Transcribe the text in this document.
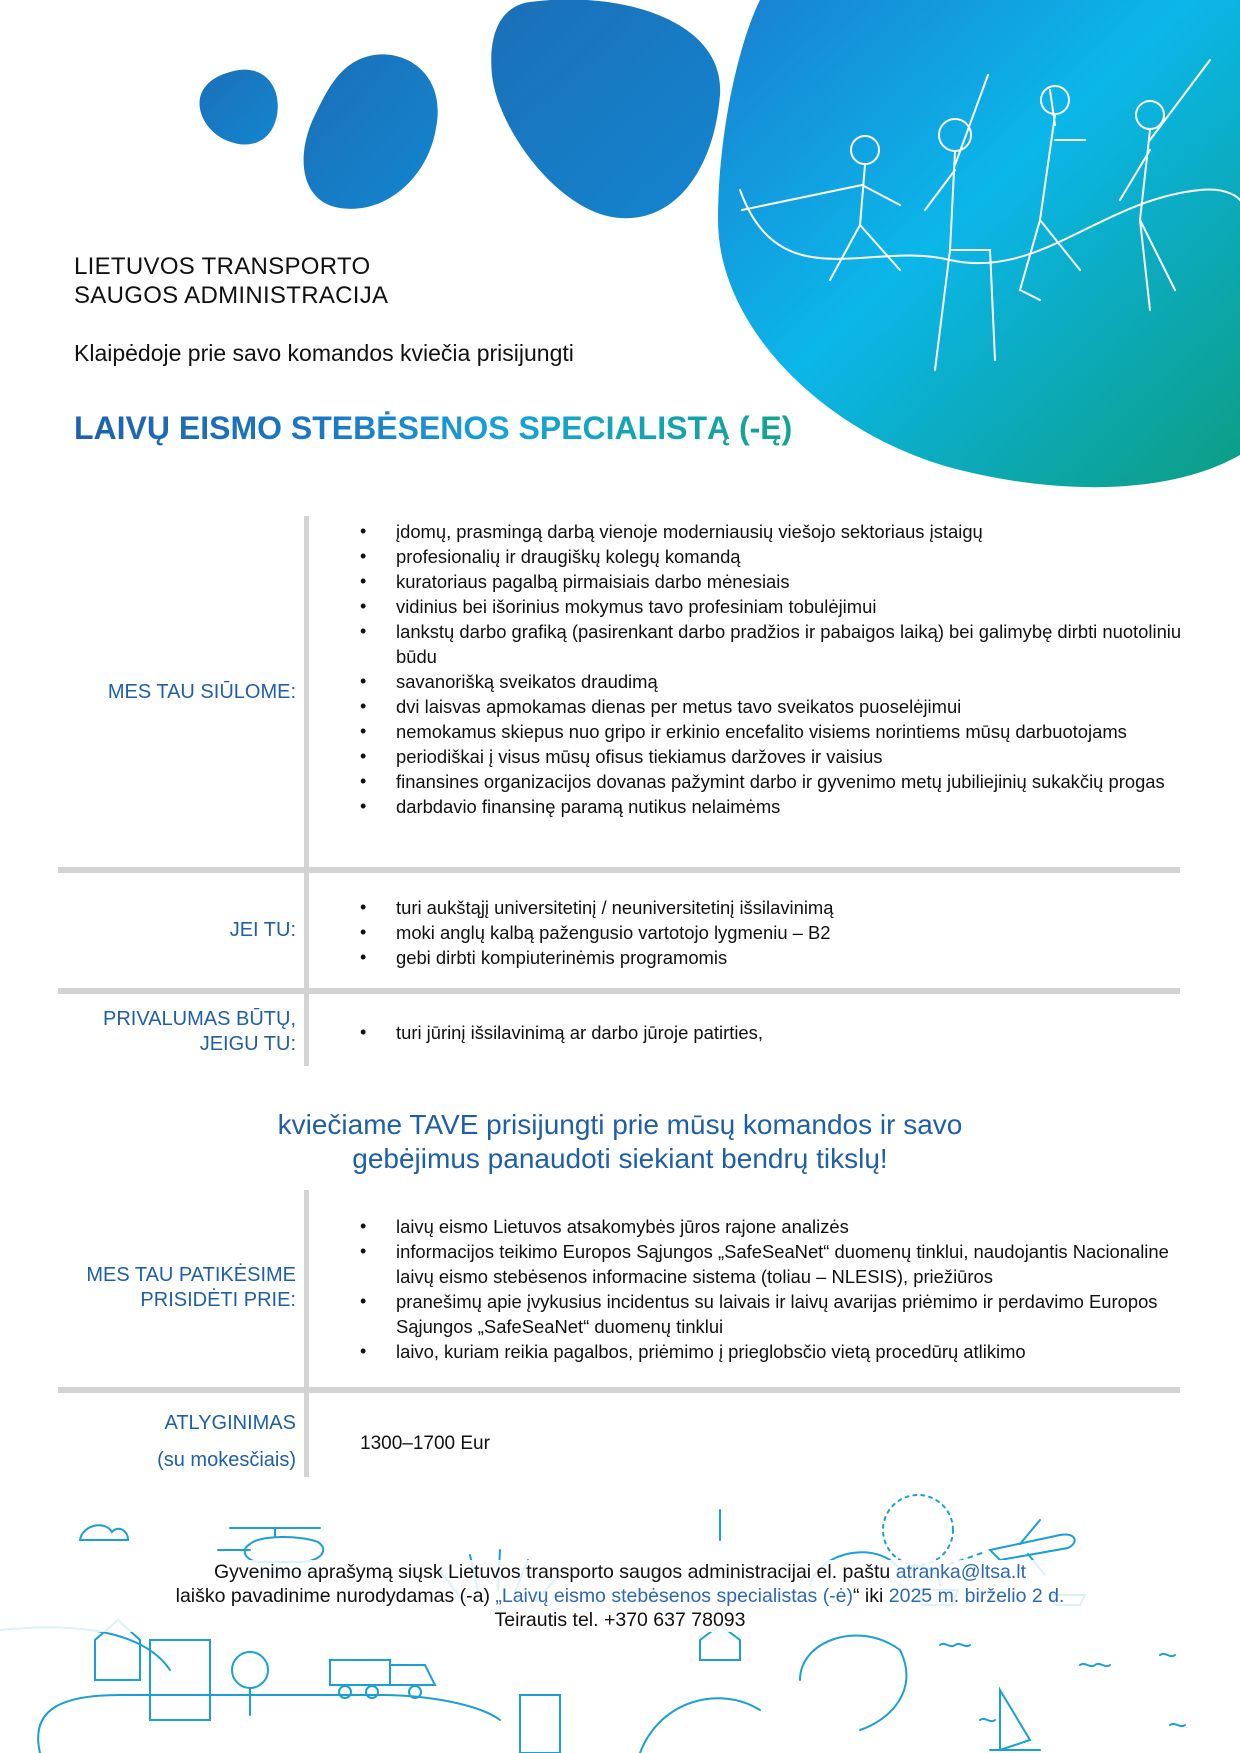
LIETUVOS TRANSPORTO
SAUGOS ADMINISTRACIJA
Klaipėdoje prie savo komandos kviečia prisijungti
LAIVŲ EISMO STEBĖSENOS SPECIALISTĄ (-Ę)
MES TAU SIŪLOME:
• įdomų, prasmingą darbą vienoje moderniausių viešojo sektoriaus įstaigų
• profesionalių ir draugiškų kolegų komandą
• kuratoriaus pagalbą pirmaisiais darbo mėnesiais
• vidinius bei išorinius mokymus tavo profesiniam tobulėjimui
• lankstų darbo grafiką (pasirenkant darbo pradžios ir pabaigos laiką) bei galimybę dirbti nuotoliniu būdu
• savanorišką sveikatos draudimą
• dvi laisvas apmokamas dienas per metus tavo sveikatos puoselėjimui
• nemokamus skiepus nuo gripo ir erkinio encefalito visiems norintiems mūsų darbuotojams
• periodiškai į visus mūsų ofisus tiekiamus daržoves ir vaisius
• finansines organizacijos dovanas pažymint darbo ir gyvenimo metų jubiliejinių sukakčių progas
• darbdavio finansinę paramą nutikus nelaimėms
JEI TU:
• turi aukštąjį universitetinį / neuniversitetinį išsilavinimą
• moki anglų kalbą pažengusio vartotojo lygmeniu – B2
• gebi dirbti kompiuterinėmis programomis
PRIVALUMAS BŪTŲ,
JEIGU TU:
• turi jūrinį išsilavinimą ar darbo jūroje patirties,
kviečiame TAVE prisijungti prie mūsų komandos ir savo
gebėjimus panaudoti siekiant bendrų tikslų!
MES TAU PATIKĖSIME
PRISIDĖTI PRIE:
• laivų eismo Lietuvos atsakomybės jūros rajone analizės
• informacijos teikimo Europos Sąjungos „SafeSeaNet“ duomenų tinklui, naudojantis Nacionaline laivų eismo stebėsenos informacine sistema (toliau – NLESIS), priežiūros
• pranešimų apie įvykusius incidentus su laivais ir laivų avarijas priėmimo ir perdavimo Europos Sąjungos „SafeSeaNet“ duomenų tinklui
• laivo, kuriam reikia pagalbos, priėmimo į prieglobsčio vietą procedūrų atlikimo
ATLYGINIMAS
(su mokesčiais)
1300–1700 Eur
Gyvenimo aprašymą siųsk Lietuvos transporto saugos administracijai el. paštu atranka@ltsa.lt
laiško pavadinime nurodydamas (-a) „Laivų eismo stebėsenos specialistas (-ė)“ iki 2025 m. birželio 2 d.
Teirautis tel. +370 637 78093
